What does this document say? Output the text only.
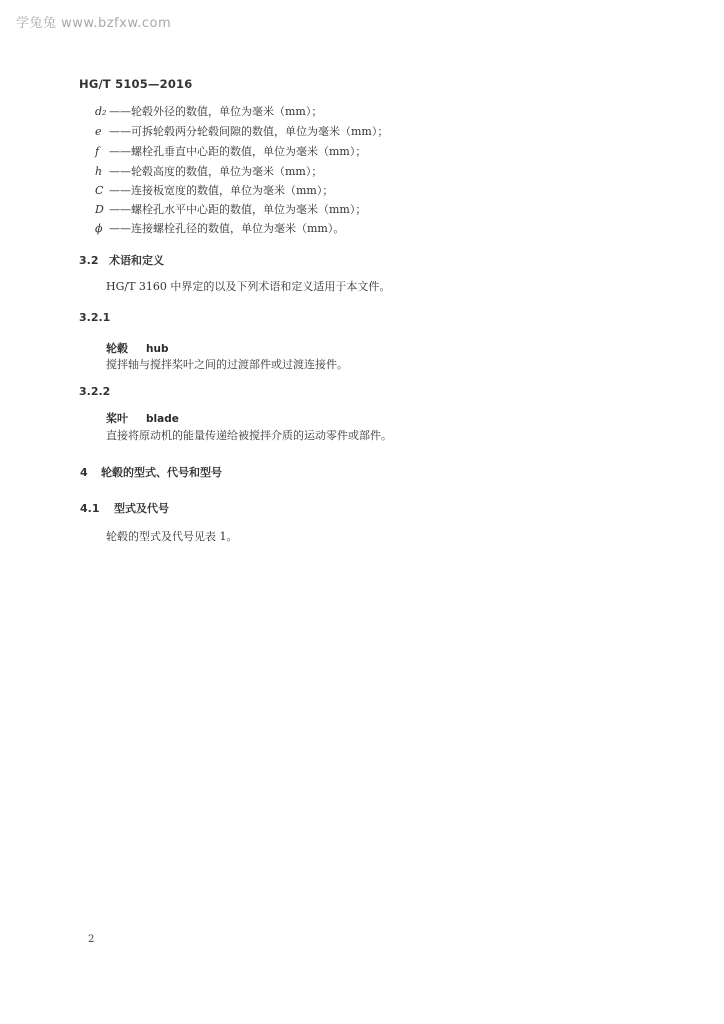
学兔兔 www.bzfxw.com
HG/T 5105—2016
d₂ ——轮毂外径的数值，单位为毫米（mm）；
e ——可拆轮毂两分轮毂间隙的数值，单位为毫米（mm）；
f ——螺栓孔垂直中心距的数值，单位为毫米（mm）；
h ——轮毂高度的数值，单位为毫米（mm）；
C ——连接板宽度的数值，单位为毫米（mm）；
D ——螺栓孔水平中心距的数值，单位为毫米（mm）；
ϕ ——连接螺栓孔径的数值，单位为毫米（mm）。
3.2 术语和定义
HG/T 3160 中界定的以及下列术语和定义适用于本文件。
3.2.1
轮毂 hub
搅拌轴与搅拌桨叶之间的过渡部件或过渡连接件。
3.2.2
桨叶 blade
直接将原动机的能量传递给被搅拌介质的运动零件或部件。
4 轮毂的型式、代号和型号
4.1 型式及代号
轮毂的型式及代号见表 1。
2
